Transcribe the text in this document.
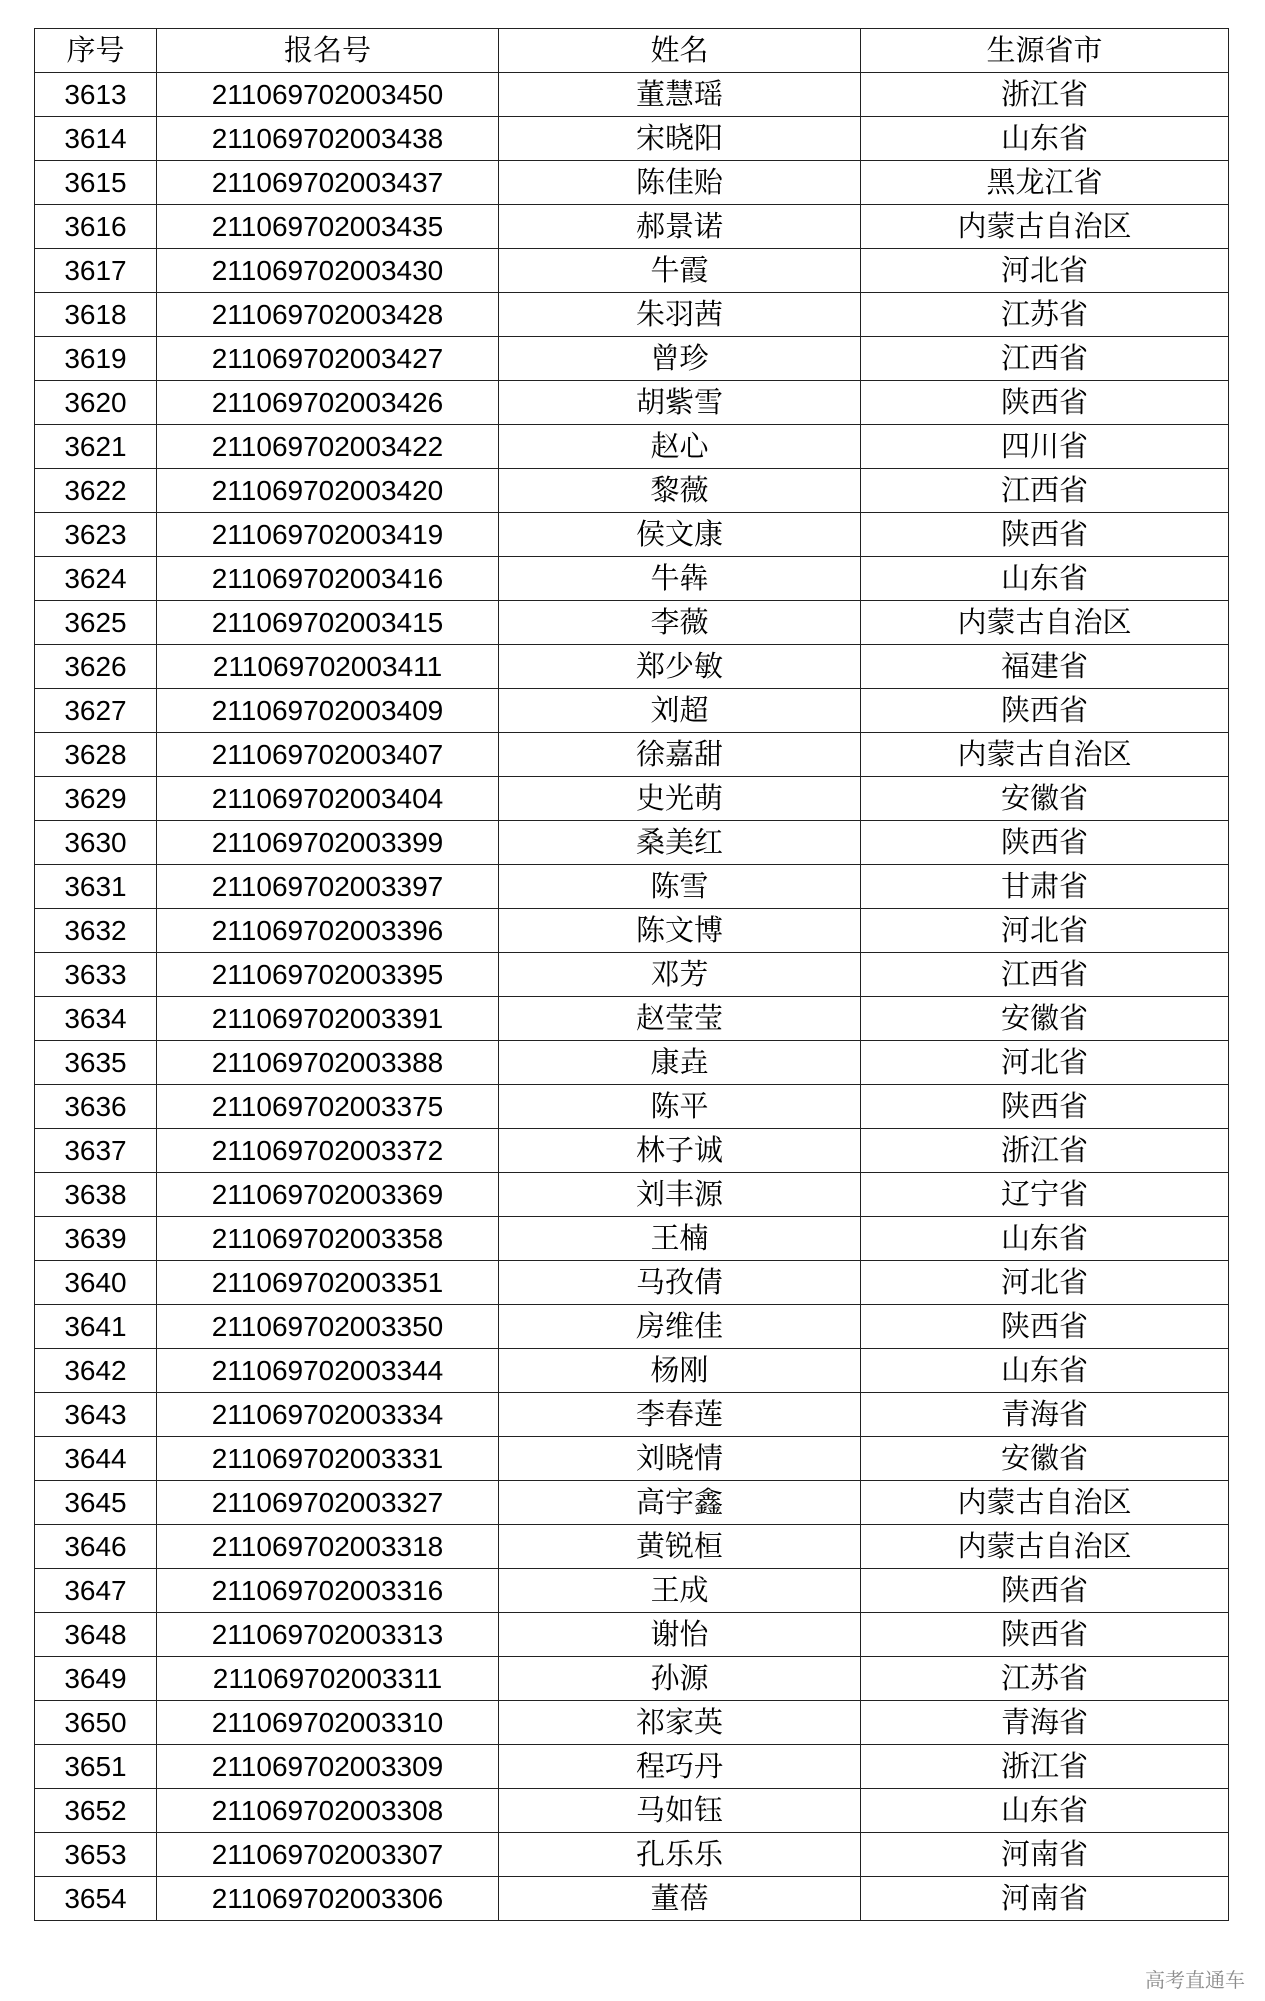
序号	报名号	姓名	生源省市
3613	211069702003450	董慧瑶	浙江省
3614	211069702003438	宋晓阳	山东省
3615	211069702003437	陈佳贻	黑龙江省
3616	211069702003435	郝景诺	内蒙古自治区
3617	211069702003430	牛霞	河北省
3618	211069702003428	朱羽茜	江苏省
3619	211069702003427	曾珍	江西省
3620	211069702003426	胡紫雪	陕西省
3621	211069702003422	赵心	四川省
3622	211069702003420	黎薇	江西省
3623	211069702003419	侯文康	陕西省
3624	211069702003416	牛犇	山东省
3625	211069702003415	李薇	内蒙古自治区
3626	211069702003411	郑少敏	福建省
3627	211069702003409	刘超	陕西省
3628	211069702003407	徐嘉甜	内蒙古自治区
3629	211069702003404	史光萌	安徽省
3630	211069702003399	桑美红	陕西省
3631	211069702003397	陈雪	甘肃省
3632	211069702003396	陈文博	河北省
3633	211069702003395	邓芳	江西省
3634	211069702003391	赵莹莹	安徽省
3635	211069702003388	康垚	河北省
3636	211069702003375	陈平	陕西省
3637	211069702003372	林子诚	浙江省
3638	211069702003369	刘丰源	辽宁省
3639	211069702003358	王楠	山东省
3640	211069702003351	马孜倩	河北省
3641	211069702003350	房维佳	陕西省
3642	211069702003344	杨刚	山东省
3643	211069702003334	李春莲	青海省
3644	211069702003331	刘晓情	安徽省
3645	211069702003327	高宇鑫	内蒙古自治区
3646	211069702003318	黄锐桓	内蒙古自治区
3647	211069702003316	王成	陕西省
3648	211069702003313	谢怡	陕西省
3649	211069702003311	孙源	江苏省
3650	211069702003310	祁家英	青海省
3651	211069702003309	程巧丹	浙江省
3652	211069702003308	马如钰	山东省
3653	211069702003307	孔乐乐	河南省
3654	211069702003306	董蓓	河南省
高考直通车
